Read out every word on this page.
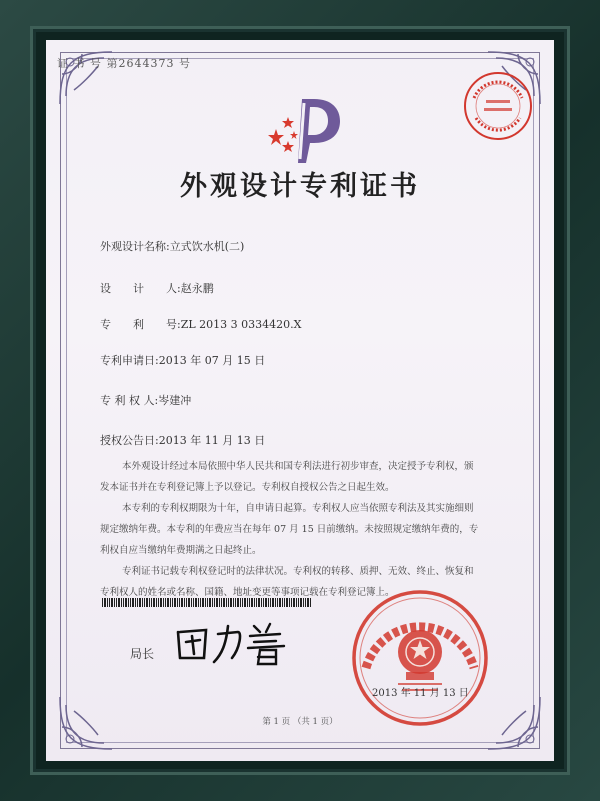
证 书 号 第2644373 号
外观设计专利证书
外观设计名称:立式饮水机(二)
设　　计　　人:赵永鹏
专　　利　　号:ZL 2013 3 0334420.X
专利申请日:2013 年 07 月 15 日
专 利 权 人:岑建冲
授权公告日:2013 年 11 月 13 日
本外观设计经过本局依照中华人民共和国专利法进行初步审查，决定授予专利权，颁
发本证书并在专利登记簿上予以登记。专利权自授权公告之日起生效。
本专利的专利权期限为十年，自申请日起算。专利权人应当依照专利法及其实施细则
规定缴纳年费。本专利的年费应当在每年 07 月 15 日前缴纳。未按照规定缴纳年费的，专
利权自应当缴纳年费期满之日起终止。
专利证书记载专利权登记时的法律状况。专利权的转移、质押、无效、终止、恢复和
专利权人的姓名或名称、国籍、地址变更等事项记载在专利登记簿上。
局长
2013 年 11 月 13 日
第 1 页 （共 1 页）
